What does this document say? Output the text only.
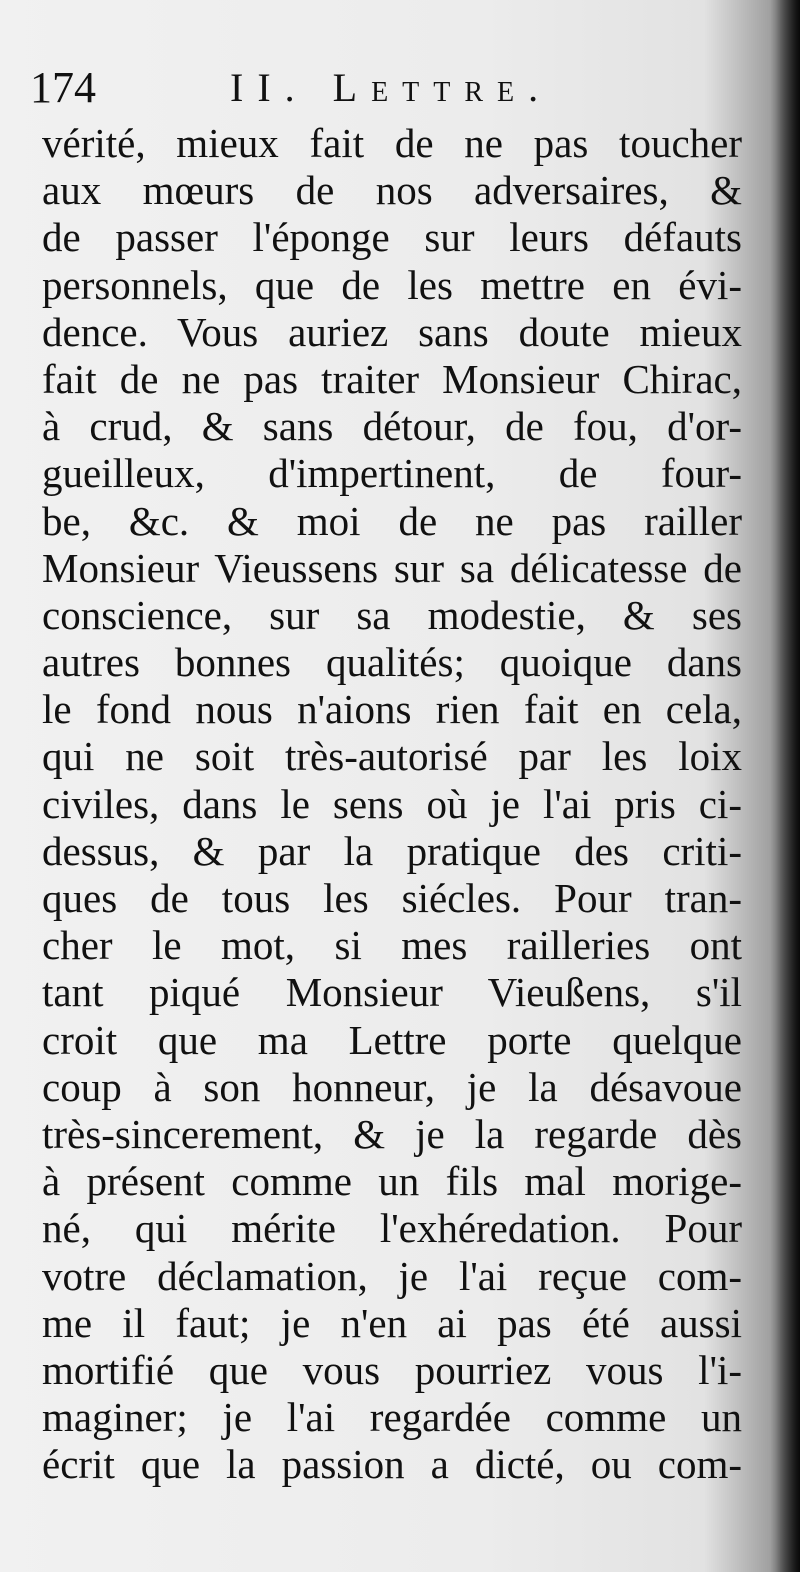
174	II. Lettre.
vérité, mieux fait de ne pas toucher
aux mœurs de nos adversaires, &
de passer l'éponge sur leurs défauts
personnels, que de les mettre en évi-
dence. Vous auriez sans doute mieux
fait de ne pas traiter Monsieur Chirac,
à crud, & sans détour, de fou, d'or-
gueilleux, d'impertinent, de four-
be, &c. & moi de ne pas railler
Monsieur Vieussens sur sa délicatesse de
conscience, sur sa modestie, & ses
autres bonnes qualités; quoique dans
le fond nous n'aions rien fait en cela,
qui ne soit très-autorisé par les loix
civiles, dans le sens où je l'ai pris ci-
dessus, & par la pratique des criti-
ques de tous les siécles. Pour tran-
cher le mot, si mes railleries ont
tant piqué Monsieur Vieußens, s'il
croit que ma Lettre porte quelque
coup à son honneur, je la désavoue
très-sincerement, & je la regarde dès
à présent comme un fils mal morige-
né, qui mérite l'exhéredation. Pour
votre déclamation, je l'ai reçue com-
me il faut; je n'en ai pas été aussi
mortifié que vous pourriez vous l'i-
maginer; je l'ai regardée comme un
écrit que la passion a dicté, ou com-
